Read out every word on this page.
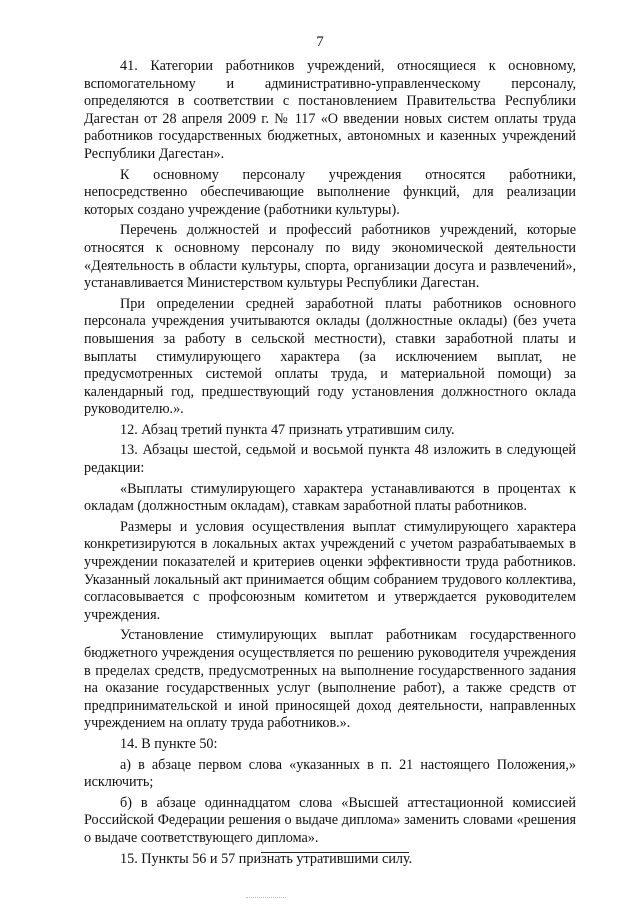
7

41. Категории работников учреждений, относящиеся к основному, вспомогательному и административно-управленческому персоналу, определяются в соответствии с постановлением Правительства Республики Дагестан от 28 апреля 2009 г. № 117 «О введении новых систем оплаты труда работников государственных бюджетных, автономных и казенных учреждений Республики Дагестан».

К основному персоналу учреждения относятся работники, непосредственно обеспечивающие выполнение функций, для реализации которых создано учреждение (работники культуры).

Перечень должностей и профессий работников учреждений, которые относятся к основному персоналу по виду экономической деятельности «Деятельность в области культуры, спорта, организации досуга и развлечений», устанавливается Министерством культуры Республики Дагестан.

При определении средней заработной платы работников основного персонала учреждения учитываются оклады (должностные оклады) (без учета повышения за работу в сельской местности), ставки заработной платы и выплаты стимулирующего характера (за исключением выплат, не предусмотренных системой оплаты труда, и материальной помощи) за календарный год, предшествующий году установления должностного оклада руководителю.».

12. Абзац третий пункта 47 признать утратившим силу.

13. Абзацы шестой, седьмой и восьмой пункта 48 изложить в следующей редакции:

«Выплаты стимулирующего характера устанавливаются в процентах к окладам (должностным окладам), ставкам заработной платы работников.

Размеры и условия осуществления выплат стимулирующего характера конкретизируются в локальных актах учреждений с учетом разрабатываемых в учреждении показателей и критериев оценки эффективности труда работников. Указанный локальный акт принимается общим собранием трудового коллектива, согласовывается с профсоюзным комитетом и утверждается руководителем учреждения.

Установление стимулирующих выплат работникам государственного бюджетного учреждения осуществляется по решению руководителя учреждения в пределах средств, предусмотренных на выполнение государственного задания на оказание государственных услуг (выполнение работ), а также средств от предпринимательской и иной приносящей доход деятельности, направленных учреждением на оплату труда работников.».

14. В пункте 50:

а) в абзаце первом слова «указанных в п. 21 настоящего Положения,» исключить;

б) в абзаце одиннадцатом слова «Высшей аттестационной комиссией Российской Федерации решения о выдаче диплома» заменить словами «решения о выдаче соответствующего диплома».

15. Пункты 56 и 57 признать утратившими силу.
